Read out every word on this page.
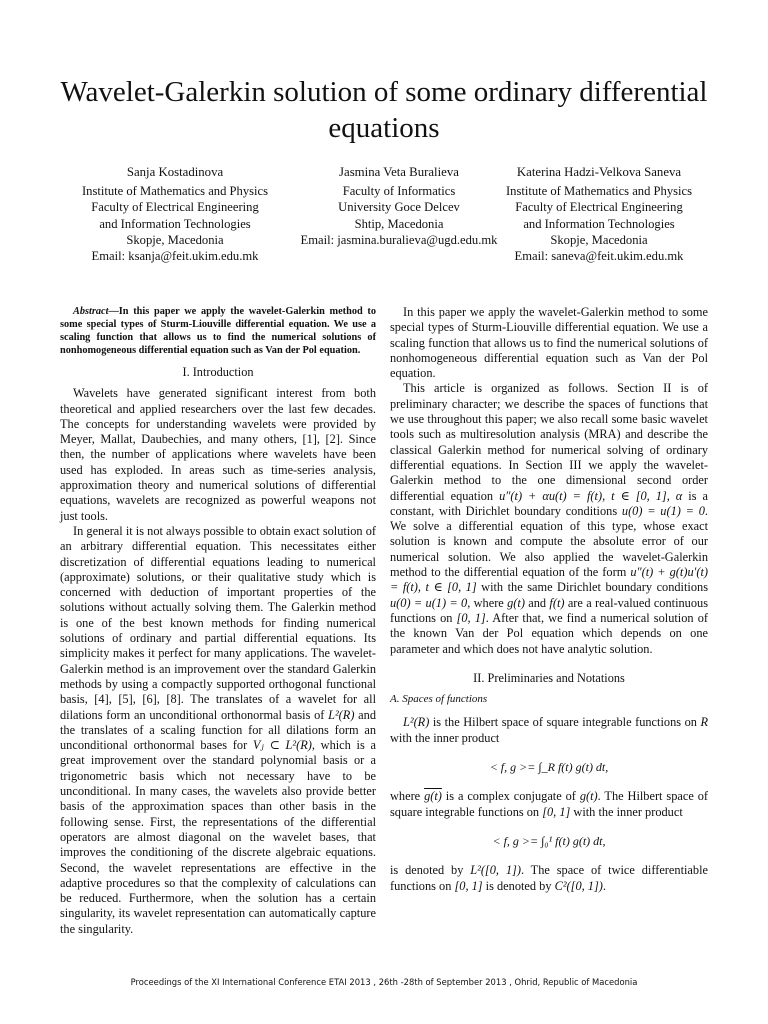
Wavelet-Galerkin solution of some ordinary differential equations
Sanja Kostadinova
Institute of Mathematics and Physics
Faculty of Electrical Engineering
and Information Technologies
Skopje, Macedonia
Email: ksanja@feit.ukim.edu.mk
Jasmina Veta Buralieva
Faculty of Informatics
University Goce Delcev
Shtip, Macedonia
Email: jasmina.buralieva@ugd.edu.mk
Katerina Hadzi-Velkova Saneva
Institute of Mathematics and Physics
Faculty of Electrical Engineering
and Information Technologies
Skopje, Macedonia
Email: saneva@feit.ukim.edu.mk

Abstract—In this paper we apply the wavelet-Galerkin method to some special types of Sturm-Liouville differential equation. We use a scaling function that allows us to find the numerical solutions of nonhomogeneous differential equation such as Van der Pol equation.

I. Introduction

Wavelets have generated significant interest from both theoretical and applied researchers over the last few decades. The concepts for understanding wavelets were provided by Meyer, Mallat, Daubechies, and many others, [1], [2]. Since then, the number of applications where wavelets have been used has exploded. In areas such as time-series analysis, approximation theory and numerical solutions of differential equations, wavelets are recognized as powerful weapons not just tools.

In general it is not always possible to obtain exact solution of an arbitrary differential equation. This necessitates either discretization of differential equations leading to numerical (approximate) solutions, or their qualitative study which is concerned with deduction of important properties of the solutions without actually solving them. The Galerkin method is one of the best known methods for finding numerical solutions of ordinary and partial differential equations. Its simplicity makes it perfect for many applications. The wavelet-Galerkin method is an improvement over the standard Galerkin methods by using a compactly supported orthogonal functional basis, [4], [5], [6], [8]. The translates of a wavelet for all dilations form an unconditional orthonormal basis of L²(R) and the translates of a scaling function for all dilations form an unconditional orthonormal bases for Vⱼ ⊂ L²(R), which is a great improvement over the standard polynomial basis or a trigonometric basis which not necessary have to be unconditional. In many cases, the wavelets also provide better basis of the approximation spaces than other basis in the following sense. First, the representations of the differential operators are almost diagonal on the wavelet bases, that improves the conditioning of the discrete algebraic equations. Second, the wavelet representations are effective in the adaptive procedures so that the complexity of calculations can be reduced. Furthermore, when the solution has a certain singularity, its wavelet representation can automatically capture the singularity.

In this paper we apply the wavelet-Galerkin method to some special types of Sturm-Liouville differential equation. We use a scaling function that allows us to find the numerical solutions of nonhomogeneous differential equation such as Van der Pol equation.

This article is organized as follows. Section II is of preliminary character; we describe the spaces of functions that we use throughout this paper; we also recall some basic wavelet tools such as multiresolution analysis (MRA) and describe the classical Galerkin method for numerical solving of ordinary differential equations. In Section III we apply the wavelet-Galerkin method to the one dimensional second order differential equation u″(t) + αu(t) = f(t), t ∈ [0, 1], α is a constant, with Dirichlet boundary conditions u(0) = u(1) = 0. We solve a differential equation of this type, whose exact solution is known and compute the absolute error of our numerical solution. We also applied the wavelet-Galerkin method to the differential equation of the form u″(t) + g(t)u′(t) = f(t), t ∈ [0, 1] with the same Dirichlet boundary conditions u(0) = u(1) = 0, where g(t) and f(t) are a real-valued continuous functions on [0, 1]. After that, we find a numerical solution of the known Van der Pol equation which depends on one parameter and which does not have analytic solution.

II. Preliminaries and Notations
A. Spaces of functions

L²(R) is the Hilbert space of square integrable functions on R with the inner product

< f, g >= ∫_R f(t) g(t) dt,

where g(t) is a complex conjugate of g(t). The Hilbert space of square integrable functions on [0, 1] with the inner product

< f, g >= ∫₀¹ f(t) g(t) dt,

is denoted by L²([0, 1]). The space of twice differentiable functions on [0, 1] is denoted by C²([0, 1]).

Proceedings of the XI International Conference ETAI 2013 , 26th -28th of September 2013 , Ohrid, Republic of Macedonia
